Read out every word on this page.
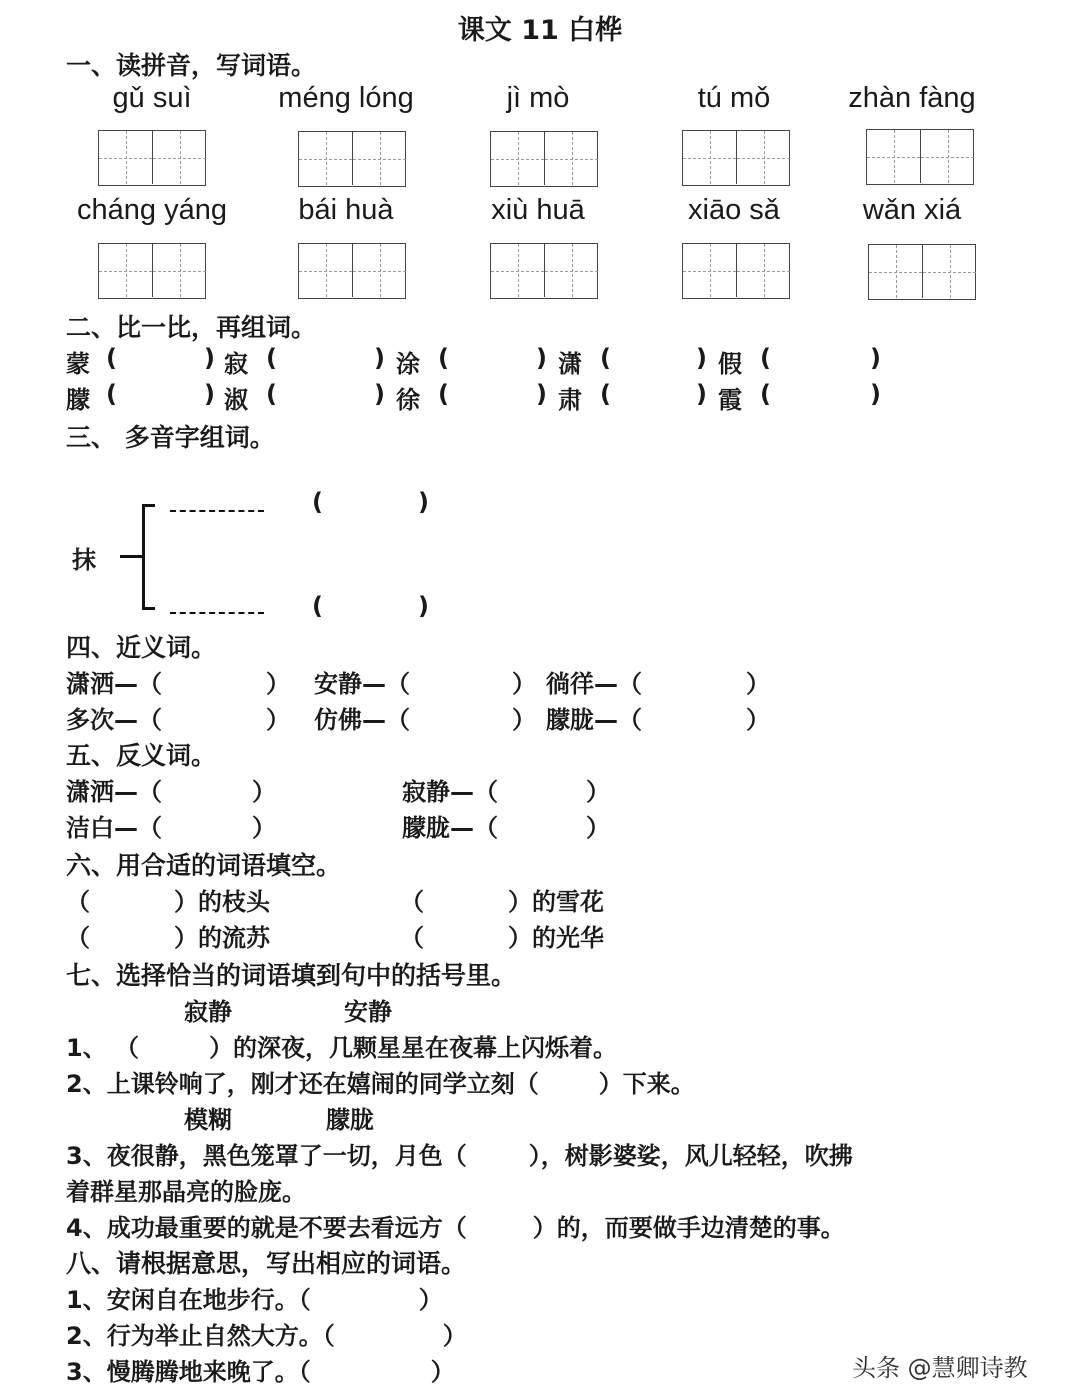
课文 11 白桦
一、读拼音，写词语。
gǔ suì	méng lóng	jì mò	tú mǒ	zhàn fàng
cháng yáng	bái huà	xiù huā	xiāo sǎ	wǎn xiá
二、比一比，再组词。
蒙 (	) 寂 (	) 涂 (	) 潇 (	) 假 (	)
朦 (	) 淑 (	) 徐 (	) 肃 (	) 霞 (	)
三、 多音字组词。
抹
(	)
(	)
四、近义词。
潇洒—（	） 安静—（	） 徜徉—（	）
多次—（	） 仿佛—（	） 朦胧—（	）
五、反义词。
潇洒—（	）	寂静—（	）
洁白—（	）	朦胧—（	）
六、用合适的词语填空。
（	）的枝头	（	）的雪花
（	）的流苏	（	）的光华
七、选择恰当的词语填到句中的括号里。
寂静	安静
1、 （	）的深夜，几颗星星在夜幕上闪烁着。
2、上课铃响了，刚才还在嬉闹的同学立刻（	）下来。
模糊	朦胧
3、夜很静，黑色笼罩了一切，月色（	），树影婆娑，风儿轻轻，吹拂
着群星那晶亮的脸庞。
4、成功最重要的就是不要去看远方（	）的，而要做手边清楚的事。
八、请根据意思，写出相应的词语。
1、安闲自在地步行。（	）
2、行为举止自然大方。（	）
3、慢腾腾地来晚了。（	）	头条 @慧卿诗教
